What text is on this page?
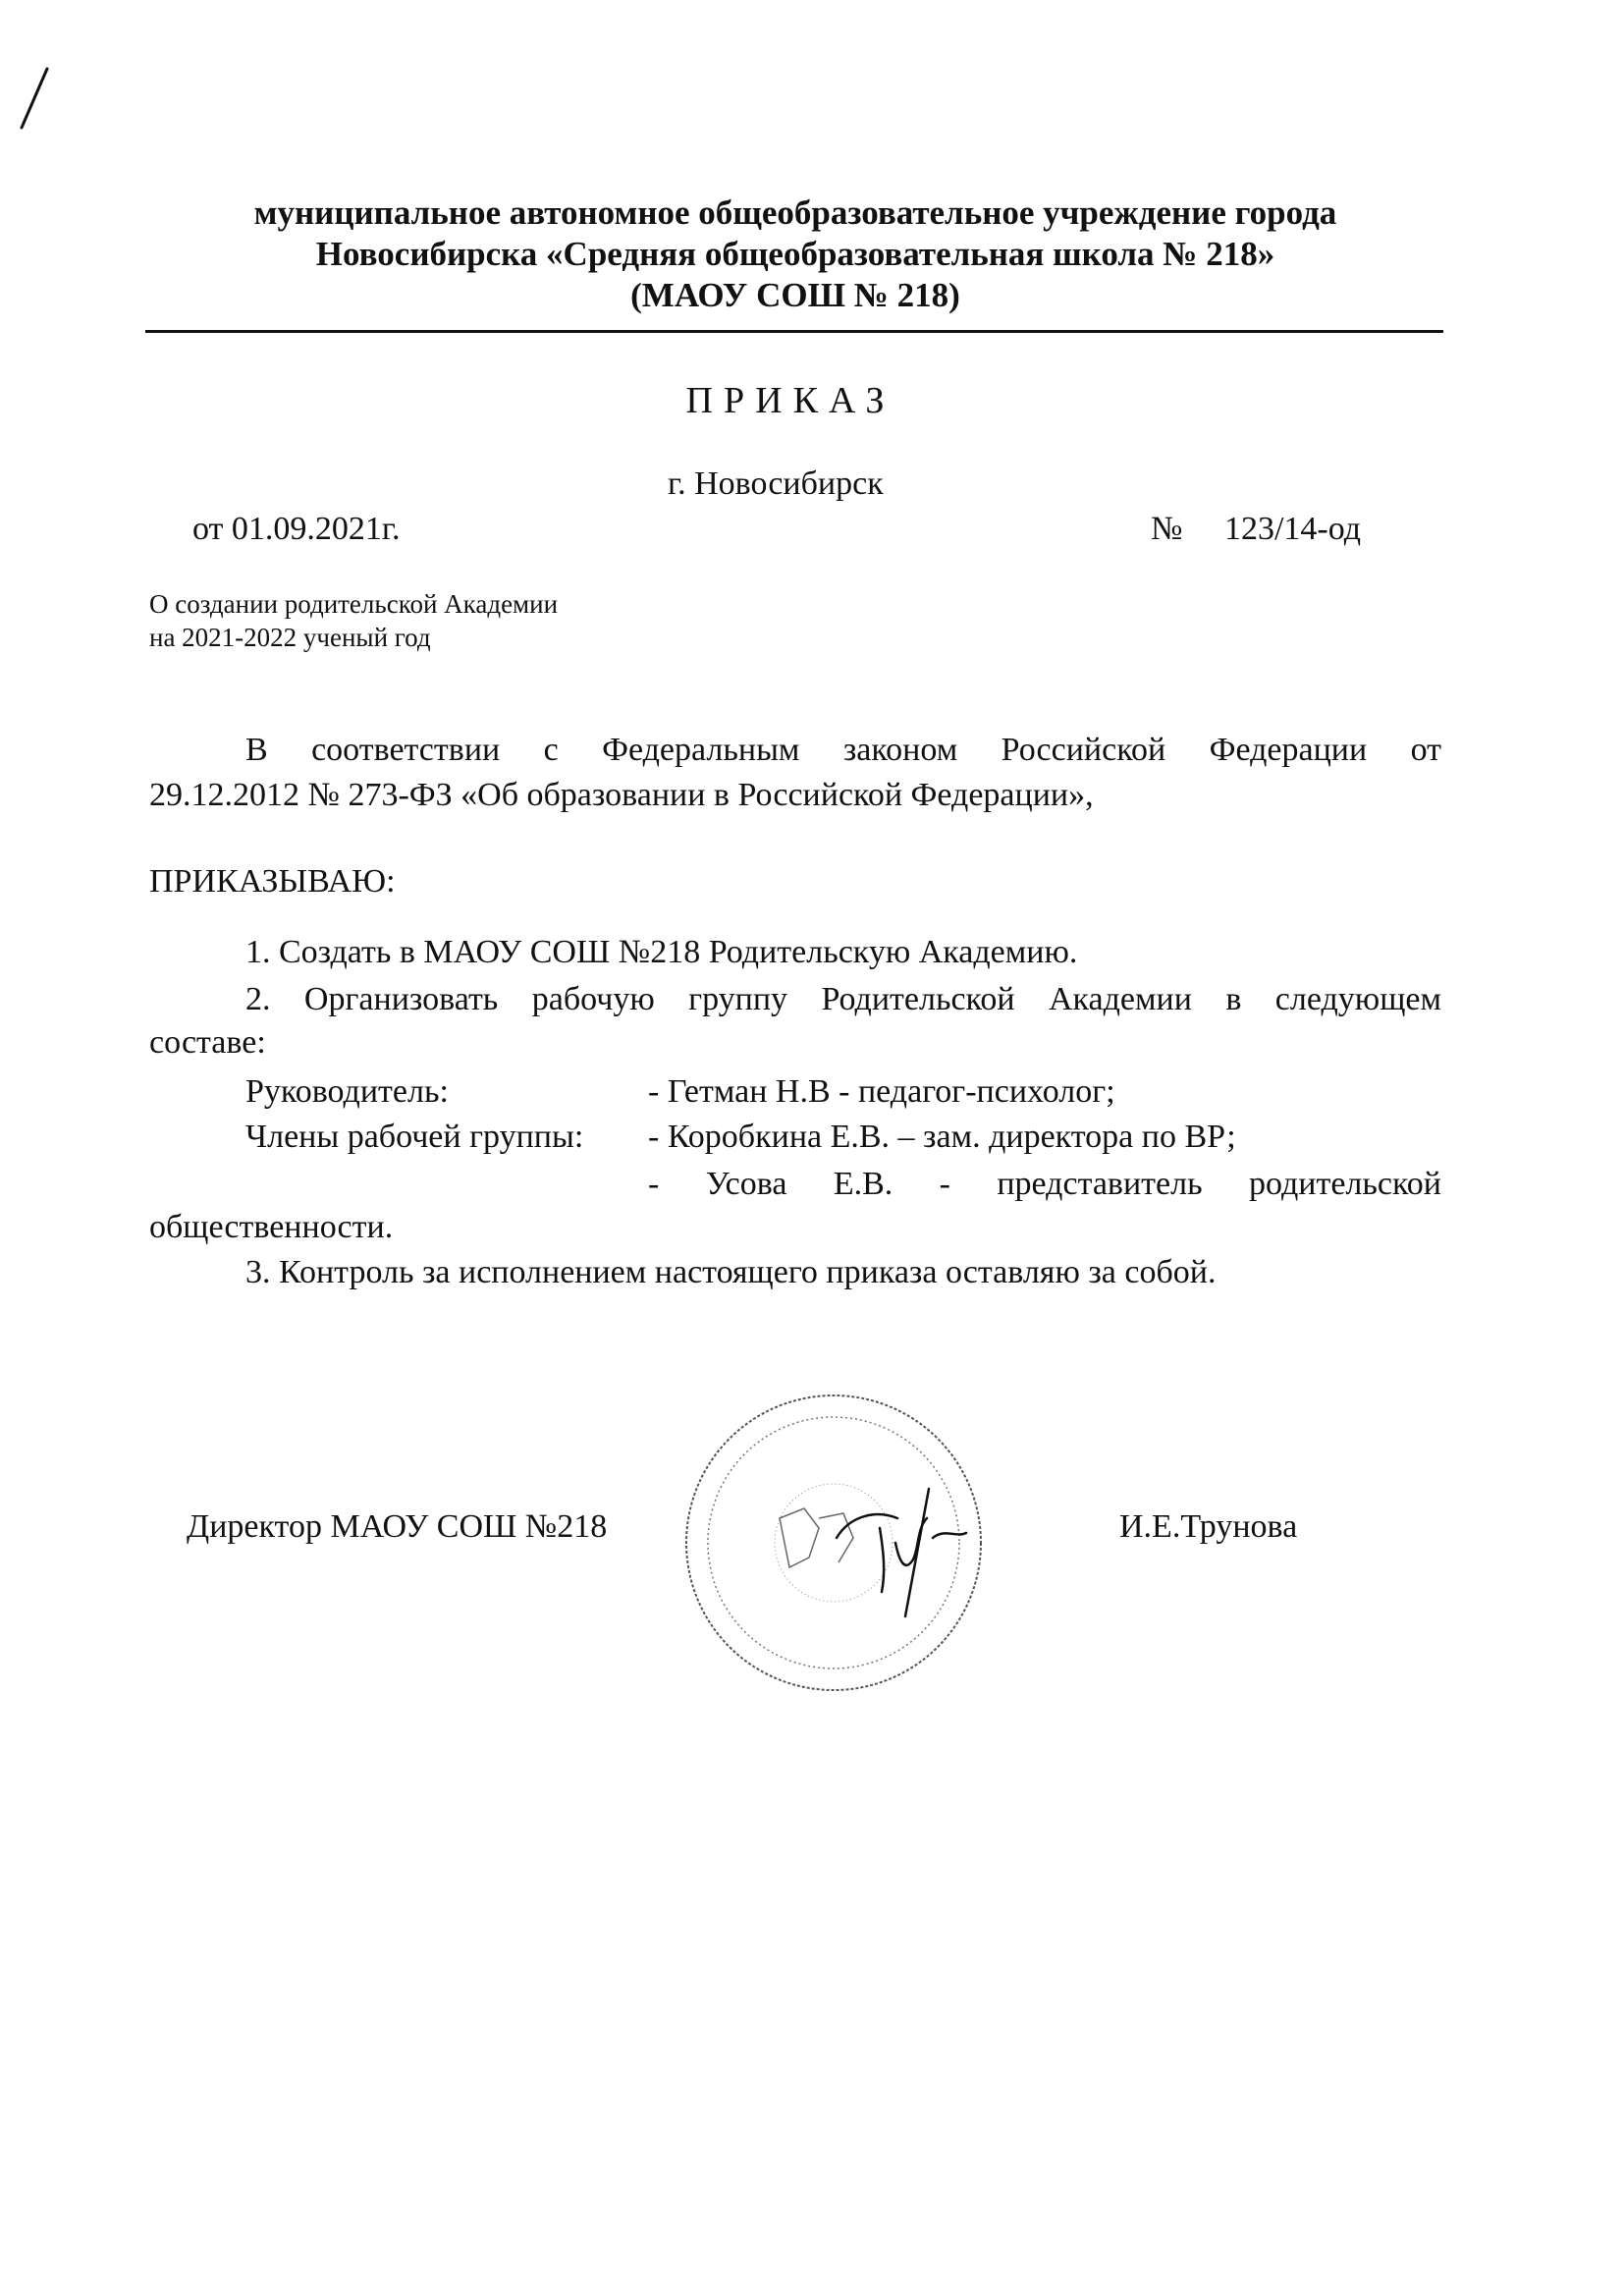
муниципальное автономное общеобразовательное учреждение города
Новосибирска «Средняя общеобразовательная школа № 218»
(МАОУ СОШ № 218)
ПРИКАЗ
г. Новосибирск
от 01.09.2021г.	№ 123/14-од
О создании родительской Академии
на 2021-2022 ученый год
В соответствии с Федеральным законом Российской Федерации от
29.12.2012 № 273-ФЗ «Об образовании в Российской Федерации»,
ПРИКАЗЫВАЮ:
1. Создать в МАОУ СОШ №218 Родительскую Академию.
2. Организовать рабочую группу Родительской Академии в следующем
составе:
Руководитель:	- Гетман Н.В - педагог-психолог;
Члены рабочей группы: - Коробкина Е.В. – зам. директора по ВР;
- Усова Е.В. - представитель родительской
общественности.
3. Контроль за исполнением настоящего приказа оставляю за собой.
Директор МАОУ СОШ №218	И.Е.Трунова
